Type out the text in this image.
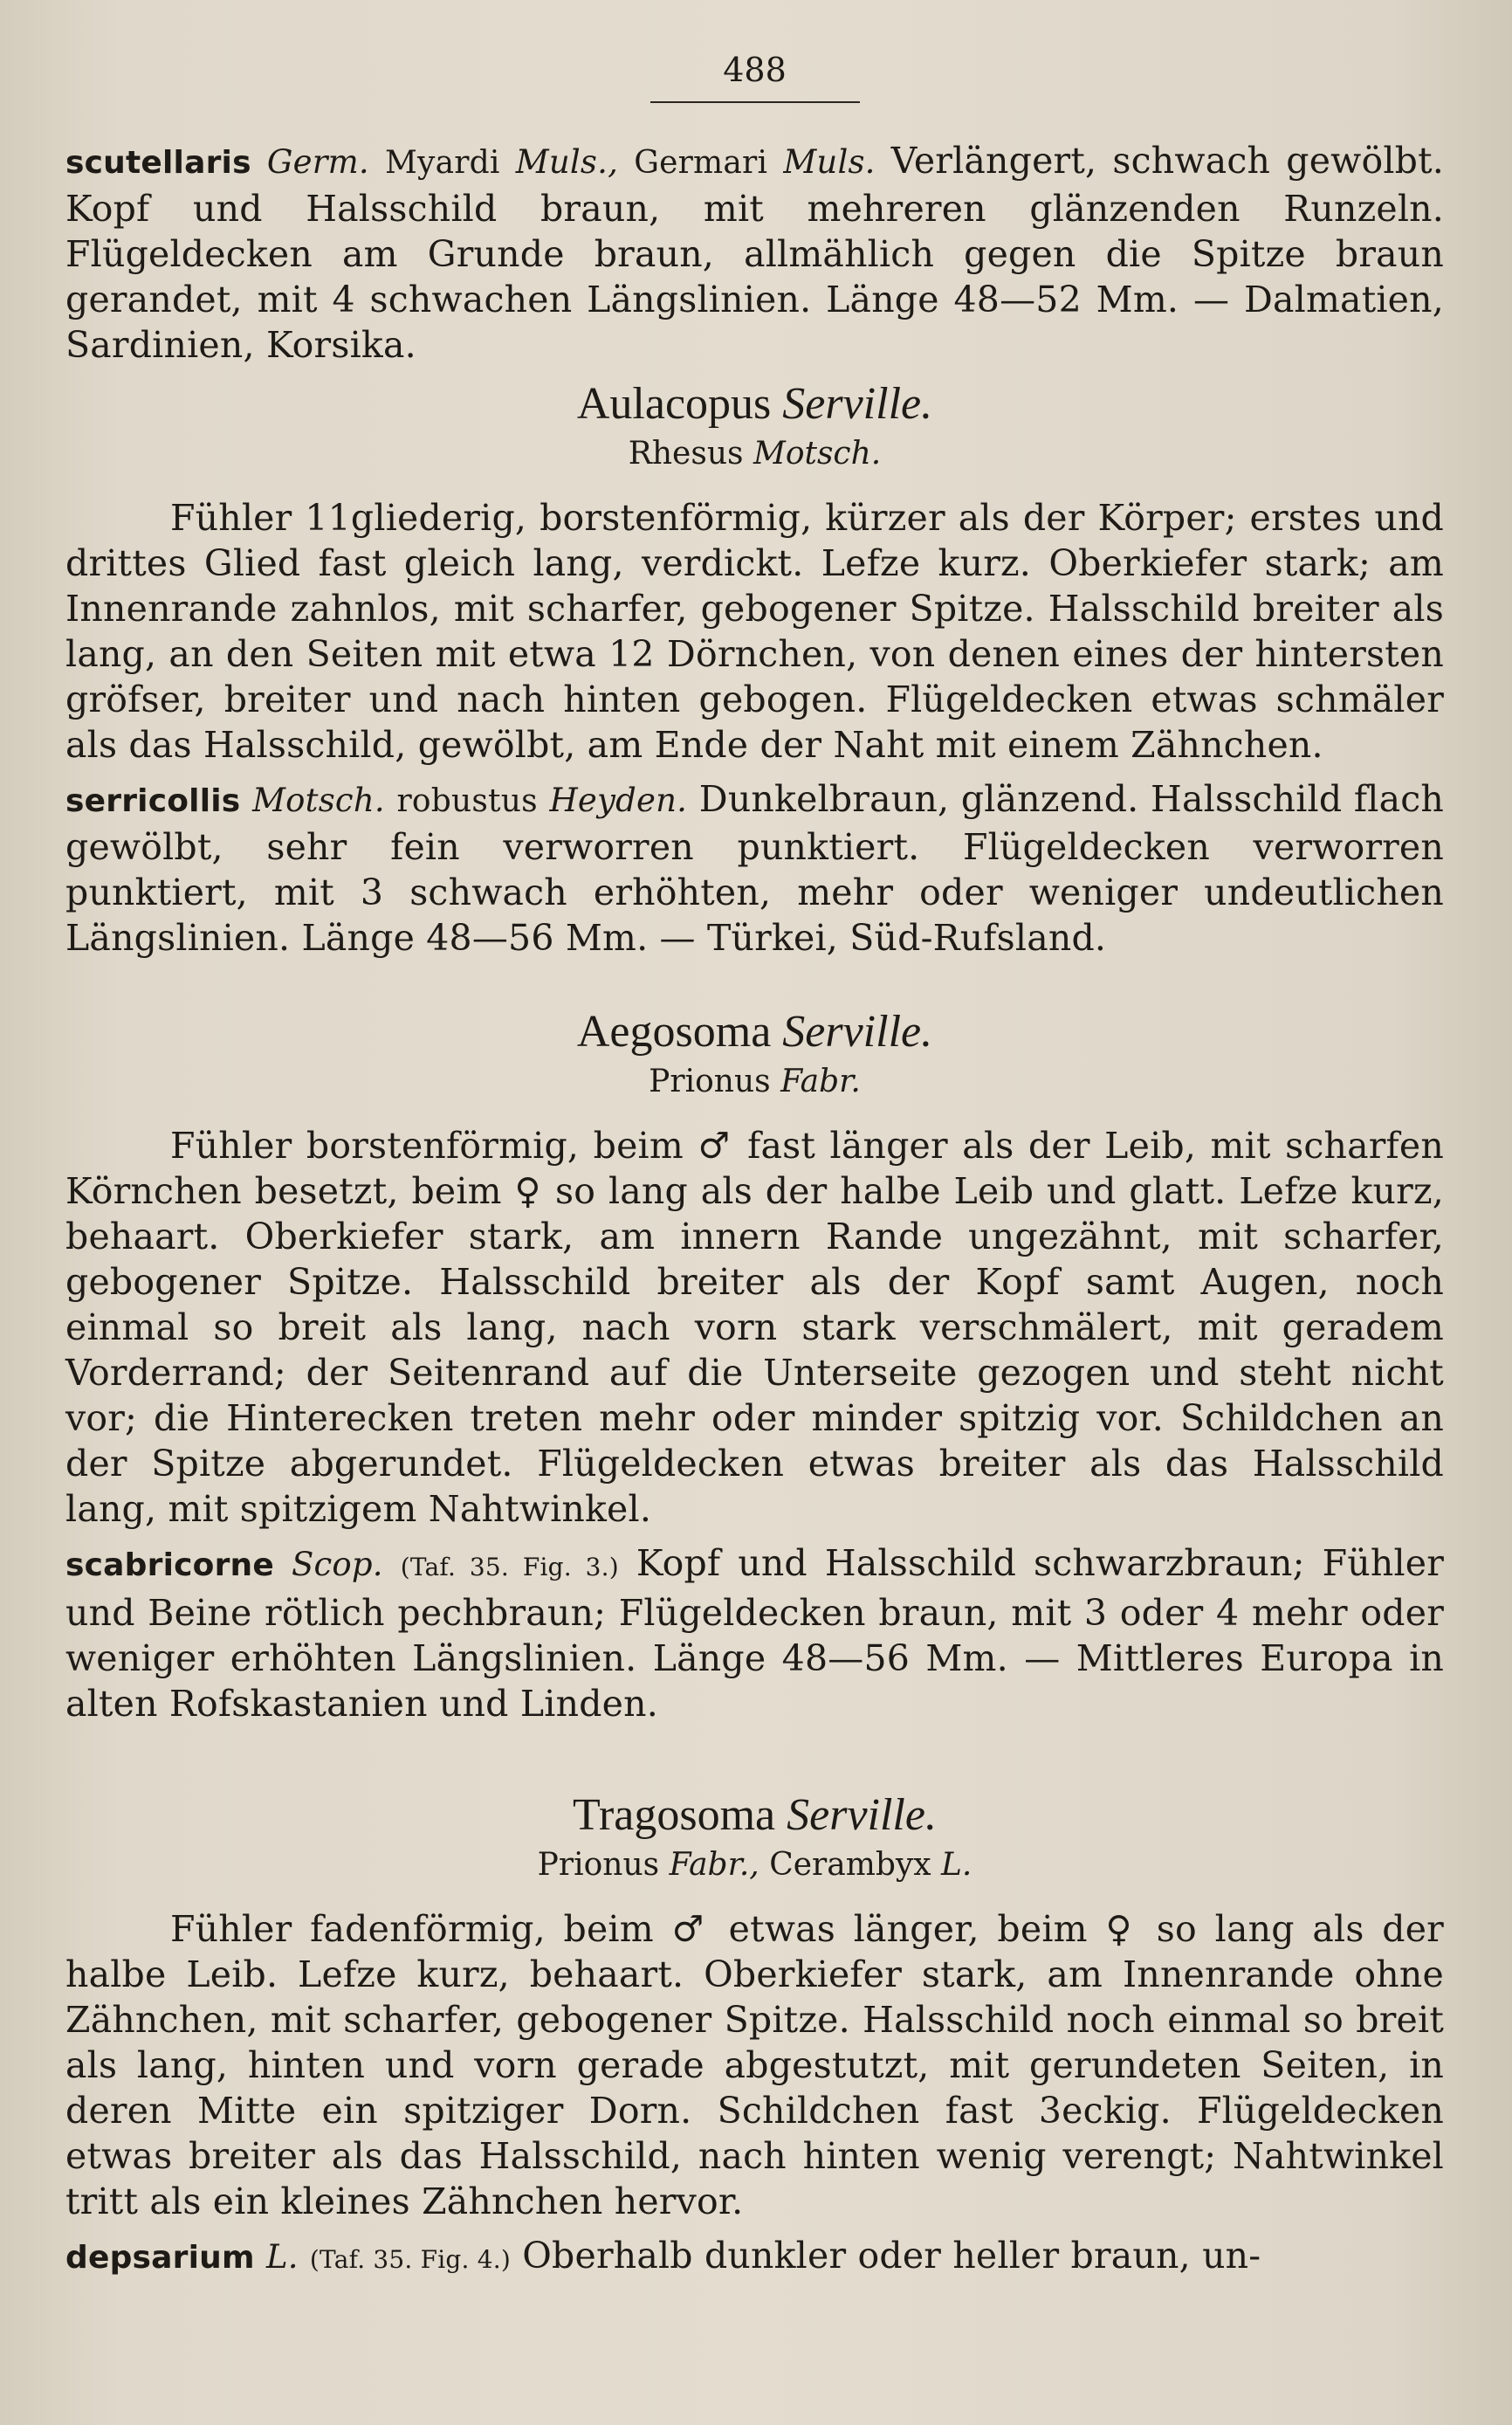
488

scutellaris Germ. Myardi Muls., Germari Muls. Verlängert, schwach gewölbt. Kopf und Halsschild braun, mit mehreren glänzenden Runzeln. Flügeldecken am Grunde braun, allmählich gegen die Spitze braun gerandet, mit 4 schwachen Längslinien. Länge 48—52 Mm. — Dalmatien, Sardinien, Korsika.

Aulacopus Serville.
Rhesus Motsch.

Fühler 11gliederig, borstenförmig, kürzer als der Körper; erstes und drittes Glied fast gleich lang, verdickt. Lefze kurz. Oberkiefer stark; am Innenrande zahnlos, mit scharfer, gebogener Spitze. Halsschild breiter als lang, an den Seiten mit etwa 12 Dörnchen, von denen eines der hintersten gröfser, breiter und nach hinten gebogen. Flügeldecken etwas schmäler als das Halsschild, gewölbt, am Ende der Naht mit einem Zähnchen.

serricollis Motsch. robustus Heyden. Dunkelbraun, glänzend. Halsschild flach gewölbt, sehr fein verworren punktiert. Flügeldecken verworren punktiert, mit 3 schwach erhöhten, mehr oder weniger undeutlichen Längslinien. Länge 48—56 Mm. — Türkei, Süd-Rufsland.

Aegosoma Serville.
Prionus Fabr.

Fühler borstenförmig, beim ♂ fast länger als der Leib, mit scharfen Körnchen besetzt, beim ♀ so lang als der halbe Leib und glatt. Lefze kurz, behaart. Oberkiefer stark, am innern Rande ungezähnt, mit scharfer, gebogener Spitze. Halsschild breiter als der Kopf samt Augen, noch einmal so breit als lang, nach vorn stark verschmälert, mit geradem Vorderrand; der Seitenrand auf die Unterseite gezogen und steht nicht vor; die Hinterecken treten mehr oder minder spitzig vor. Schildchen an der Spitze abgerundet. Flügeldecken etwas breiter als das Halsschild lang, mit spitzigem Nahtwinkel.

scabricorne Scop. (Taf. 35. Fig. 3.) Kopf und Halsschild schwarzbraun; Fühler und Beine rötlich pechbraun; Flügeldecken braun, mit 3 oder 4 mehr oder weniger erhöhten Längslinien. Länge 48—56 Mm. — Mittleres Europa in alten Rofskastanien und Linden.

Tragosoma Serville.
Prionus Fabr., Cerambyx L.

Fühler fadenförmig, beim ♂ etwas länger, beim ♀ so lang als der halbe Leib. Lefze kurz, behaart. Oberkiefer stark, am Innenrande ohne Zähnchen, mit scharfer, gebogener Spitze. Halsschild noch einmal so breit als lang, hinten und vorn gerade abgestutzt, mit gerundeten Seiten, in deren Mitte ein spitziger Dorn. Schildchen fast 3eckig. Flügeldecken etwas breiter als das Halsschild, nach hinten wenig verengt; Nahtwinkel tritt als ein kleines Zähnchen hervor.

depsarium L. (Taf. 35. Fig. 4.) Oberhalb dunkler oder heller braun, un-
